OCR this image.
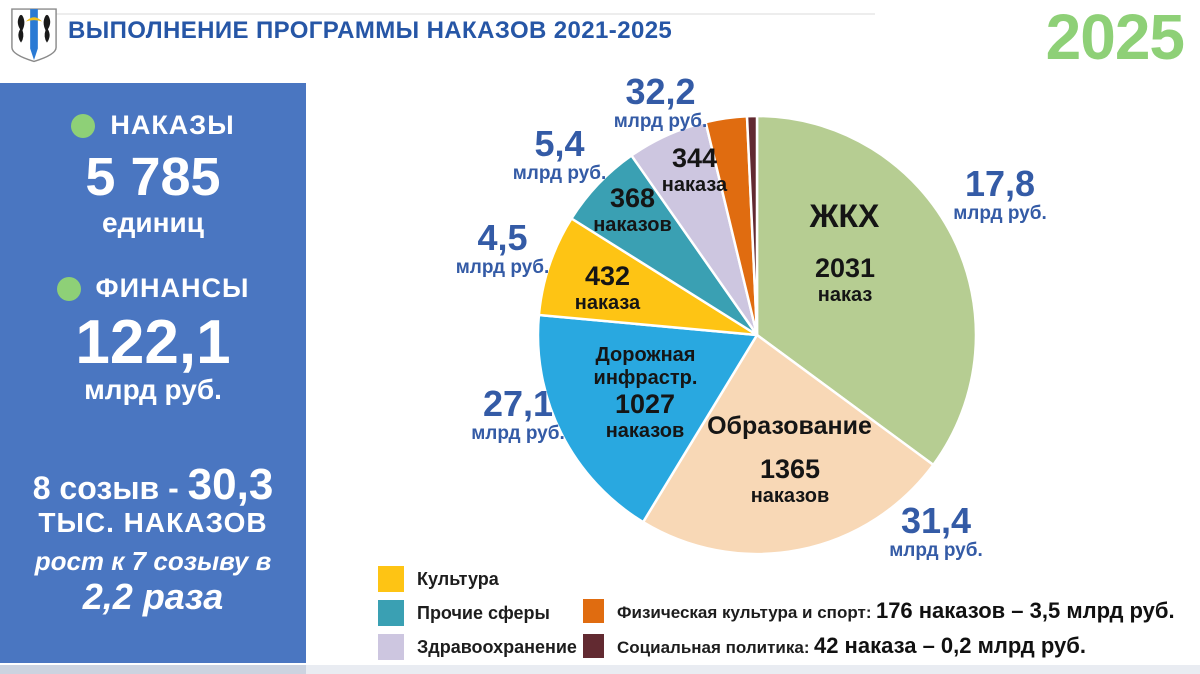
ВЫПОЛНЕНИЕ ПРОГРАММЫ НАКАЗОВ 2021-2025	2025
НАКАЗЫ
5 785
единиц
ФИНАНСЫ
122,1
млрд руб.
8 созыв - 30,3
ТЫС. НАКАЗОВ
рост к 7 созыву в
2,2 раза
32,2
млрд руб.
5,4
млрд руб.
4,5
млрд руб.
27,1
млрд руб.
31,4
млрд руб.
17,8
млрд руб.
ЖКХ
2031
наказ
344
наказа
368
наказов
432
наказа
Дорожная инфрастр.
1027
наказов Образование
1365
наказов
Культура
Прочие сферы
Здравоохранение
Физическая культура и спорт: 176 наказов – 3,5 млрд руб.
Социальная политика: 42 наказа – 0,2 млрд руб.
